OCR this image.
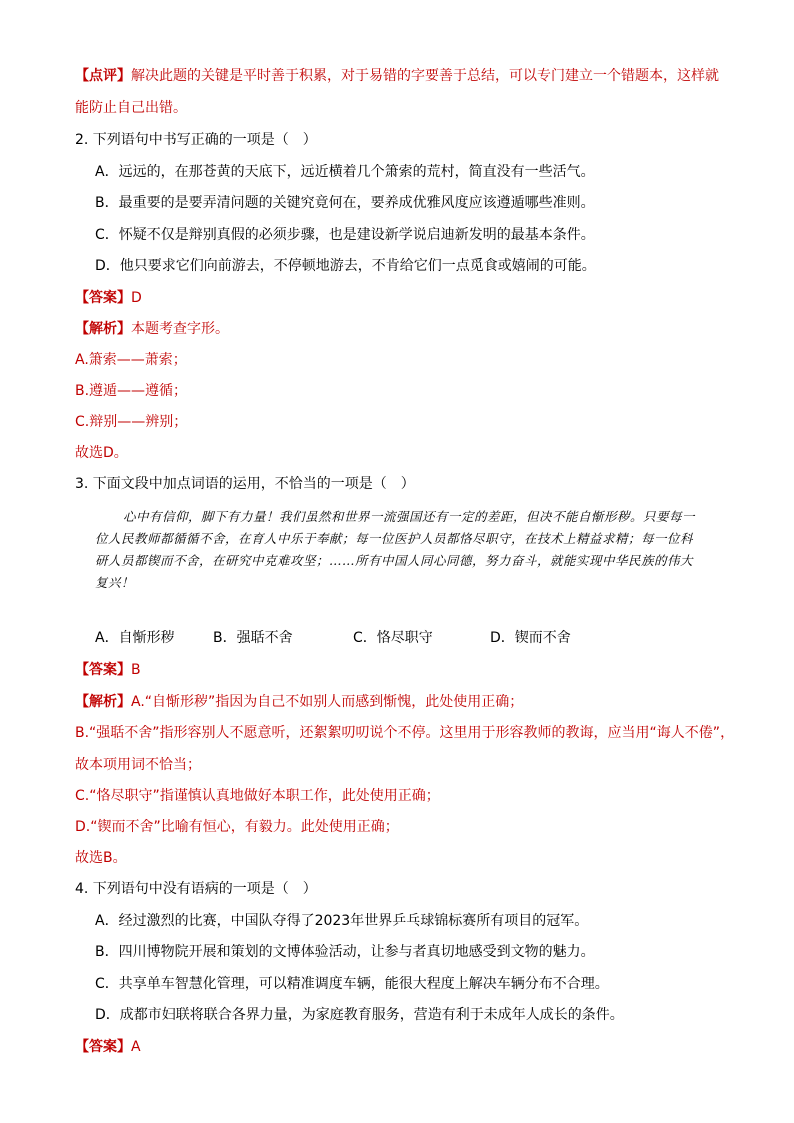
【点评】解决此题的关键是平时善于积累，对于易错的字要善于总结，可以专门建立一个错题本，这样就
能防止自己出错。
2. 下列语句中书写正确的一项是（　）
A．远远的，在那苍黄的天底下，远近横着几个箫索的荒村，简直没有一些活气。
B．最重要的是要弄清问题的关键究竟何在，要养成优雅风度应该遵遁哪些准则。
C．怀疑不仅是辩别真假的必须步骤，也是建设新学说启迪新发明的最基本条件。
D．他只要求它们向前游去，不停顿地游去，不肯给它们一点觅食或嬉闹的可能。
【答案】D
【解析】本题考查字形。
A.箫索——萧索；
B.遵遁——遵循；
C.辩别——辨别；
故选D。
3. 下面文段中加点词语的运用，不恰当的一项是（　）
心中有信仰，脚下有力量！我们虽然和世界一流强国还有一定的差距，但决不能自惭形秽。只要每一
位人民教师都循循不舍，在育人中乐于奉献；每一位医护人员都恪尽职守，在技术上精益求精；每一位科
研人员都锲而不舍，在研究中克难攻坚；……所有中国人同心同德，努力奋斗，就能实现中华民族的伟大
复兴！
A．自惭形秽	B．强聒不舍	C．恪尽职守	D．锲而不舍
【答案】B
【解析】A.“自惭形秽”指因为自己不如别人而感到惭愧，此处使用正确；
B.“强聒不舍”指形容别人不愿意听，还絮絮叨叨说个不停。这里用于形容教师的教诲，应当用“诲人不倦”，
故本项用词不恰当；
C.“恪尽职守”指谨慎认真地做好本职工作，此处使用正确；
D.“锲而不舍”比喻有恒心，有毅力。此处使用正确；
故选B。
4. 下列语句中没有语病的一项是（　）
A．经过激烈的比赛，中国队夺得了2023年世界乒乓球锦标赛所有项目的冠军。
B．四川博物院开展和策划的文博体验活动，让参与者真切地感受到文物的魅力。
C．共享单车智慧化管理，可以精准调度车辆，能很大程度上解决车辆分布不合理。
D．成都市妇联将联合各界力量，为家庭教育服务，营造有利于未成年人成长的条件。
【答案】A
